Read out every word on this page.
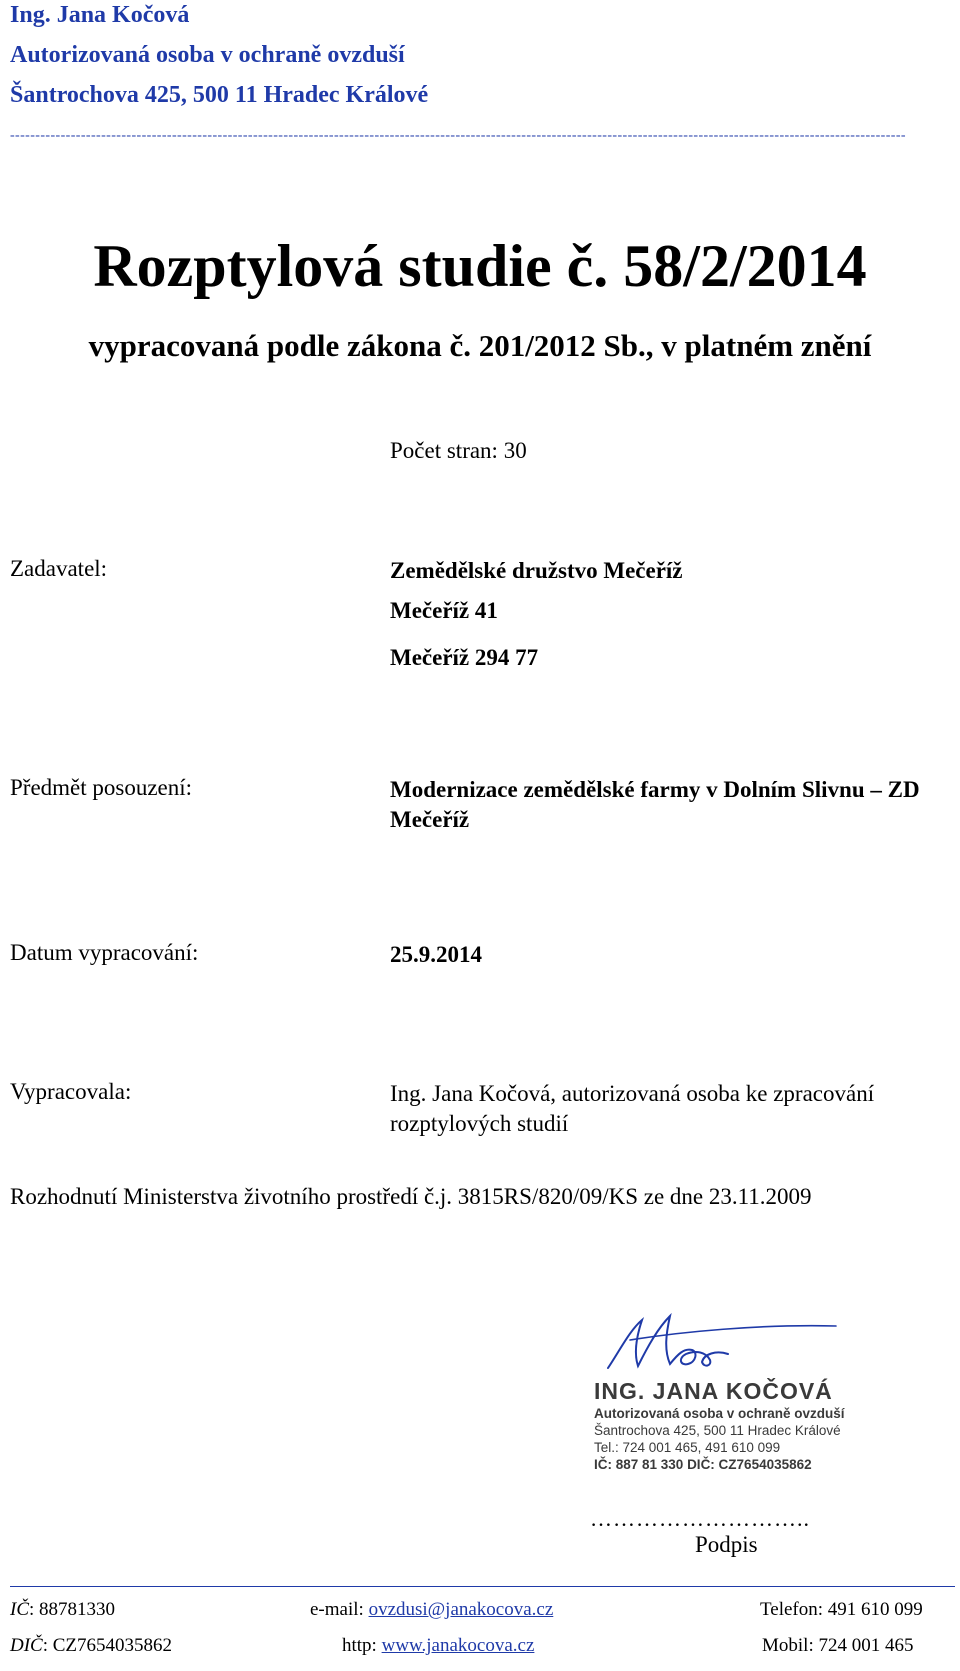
Ing. Jana Kočová
Autorizovaná osoba v ochraně ovzduší
Šantrochova 425, 500 11 Hradec Králové
---------------------------------------------------------------------------------------------------------------------------------------------------------------------------------
Rozptylová studie č. 58/2/2014
vypracovaná podle zákona č. 201/2012 Sb., v platném znění
Počet stran: 30
Zadavatel:	Zemědělské družstvo Mečeříž
Mečeříž 41
Mečeříž 294 77
Předmět posouzení:	Modernizace zemědělské farmy v Dolním Slivnu – ZD Mečeříž
Datum vypracování:	25.9.2014
Vypracovala:	Ing. Jana Kočová, autorizovaná osoba ke zpracování rozptylových studií
Rozhodnutí Ministerstva životního prostředí č.j. 3815RS/820/09/KS ze dne 23.11.2009
ING. JANA KOČOVÁ
Autorizovaná osoba v ochraně ovzduší
Šantrochova 425, 500 11 Hradec Králové
Tel.: 724 001 465, 491 610 099
IČ: 887 81 330 DIČ: CZ7654035862
………………………..
Podpis
IČ: 88781330	e-mail: ovzdusi@janakocova.cz	Telefon: 491 610 099
DIČ: CZ7654035862	http: www.janakocova.cz	Mobil: 724 001 465
